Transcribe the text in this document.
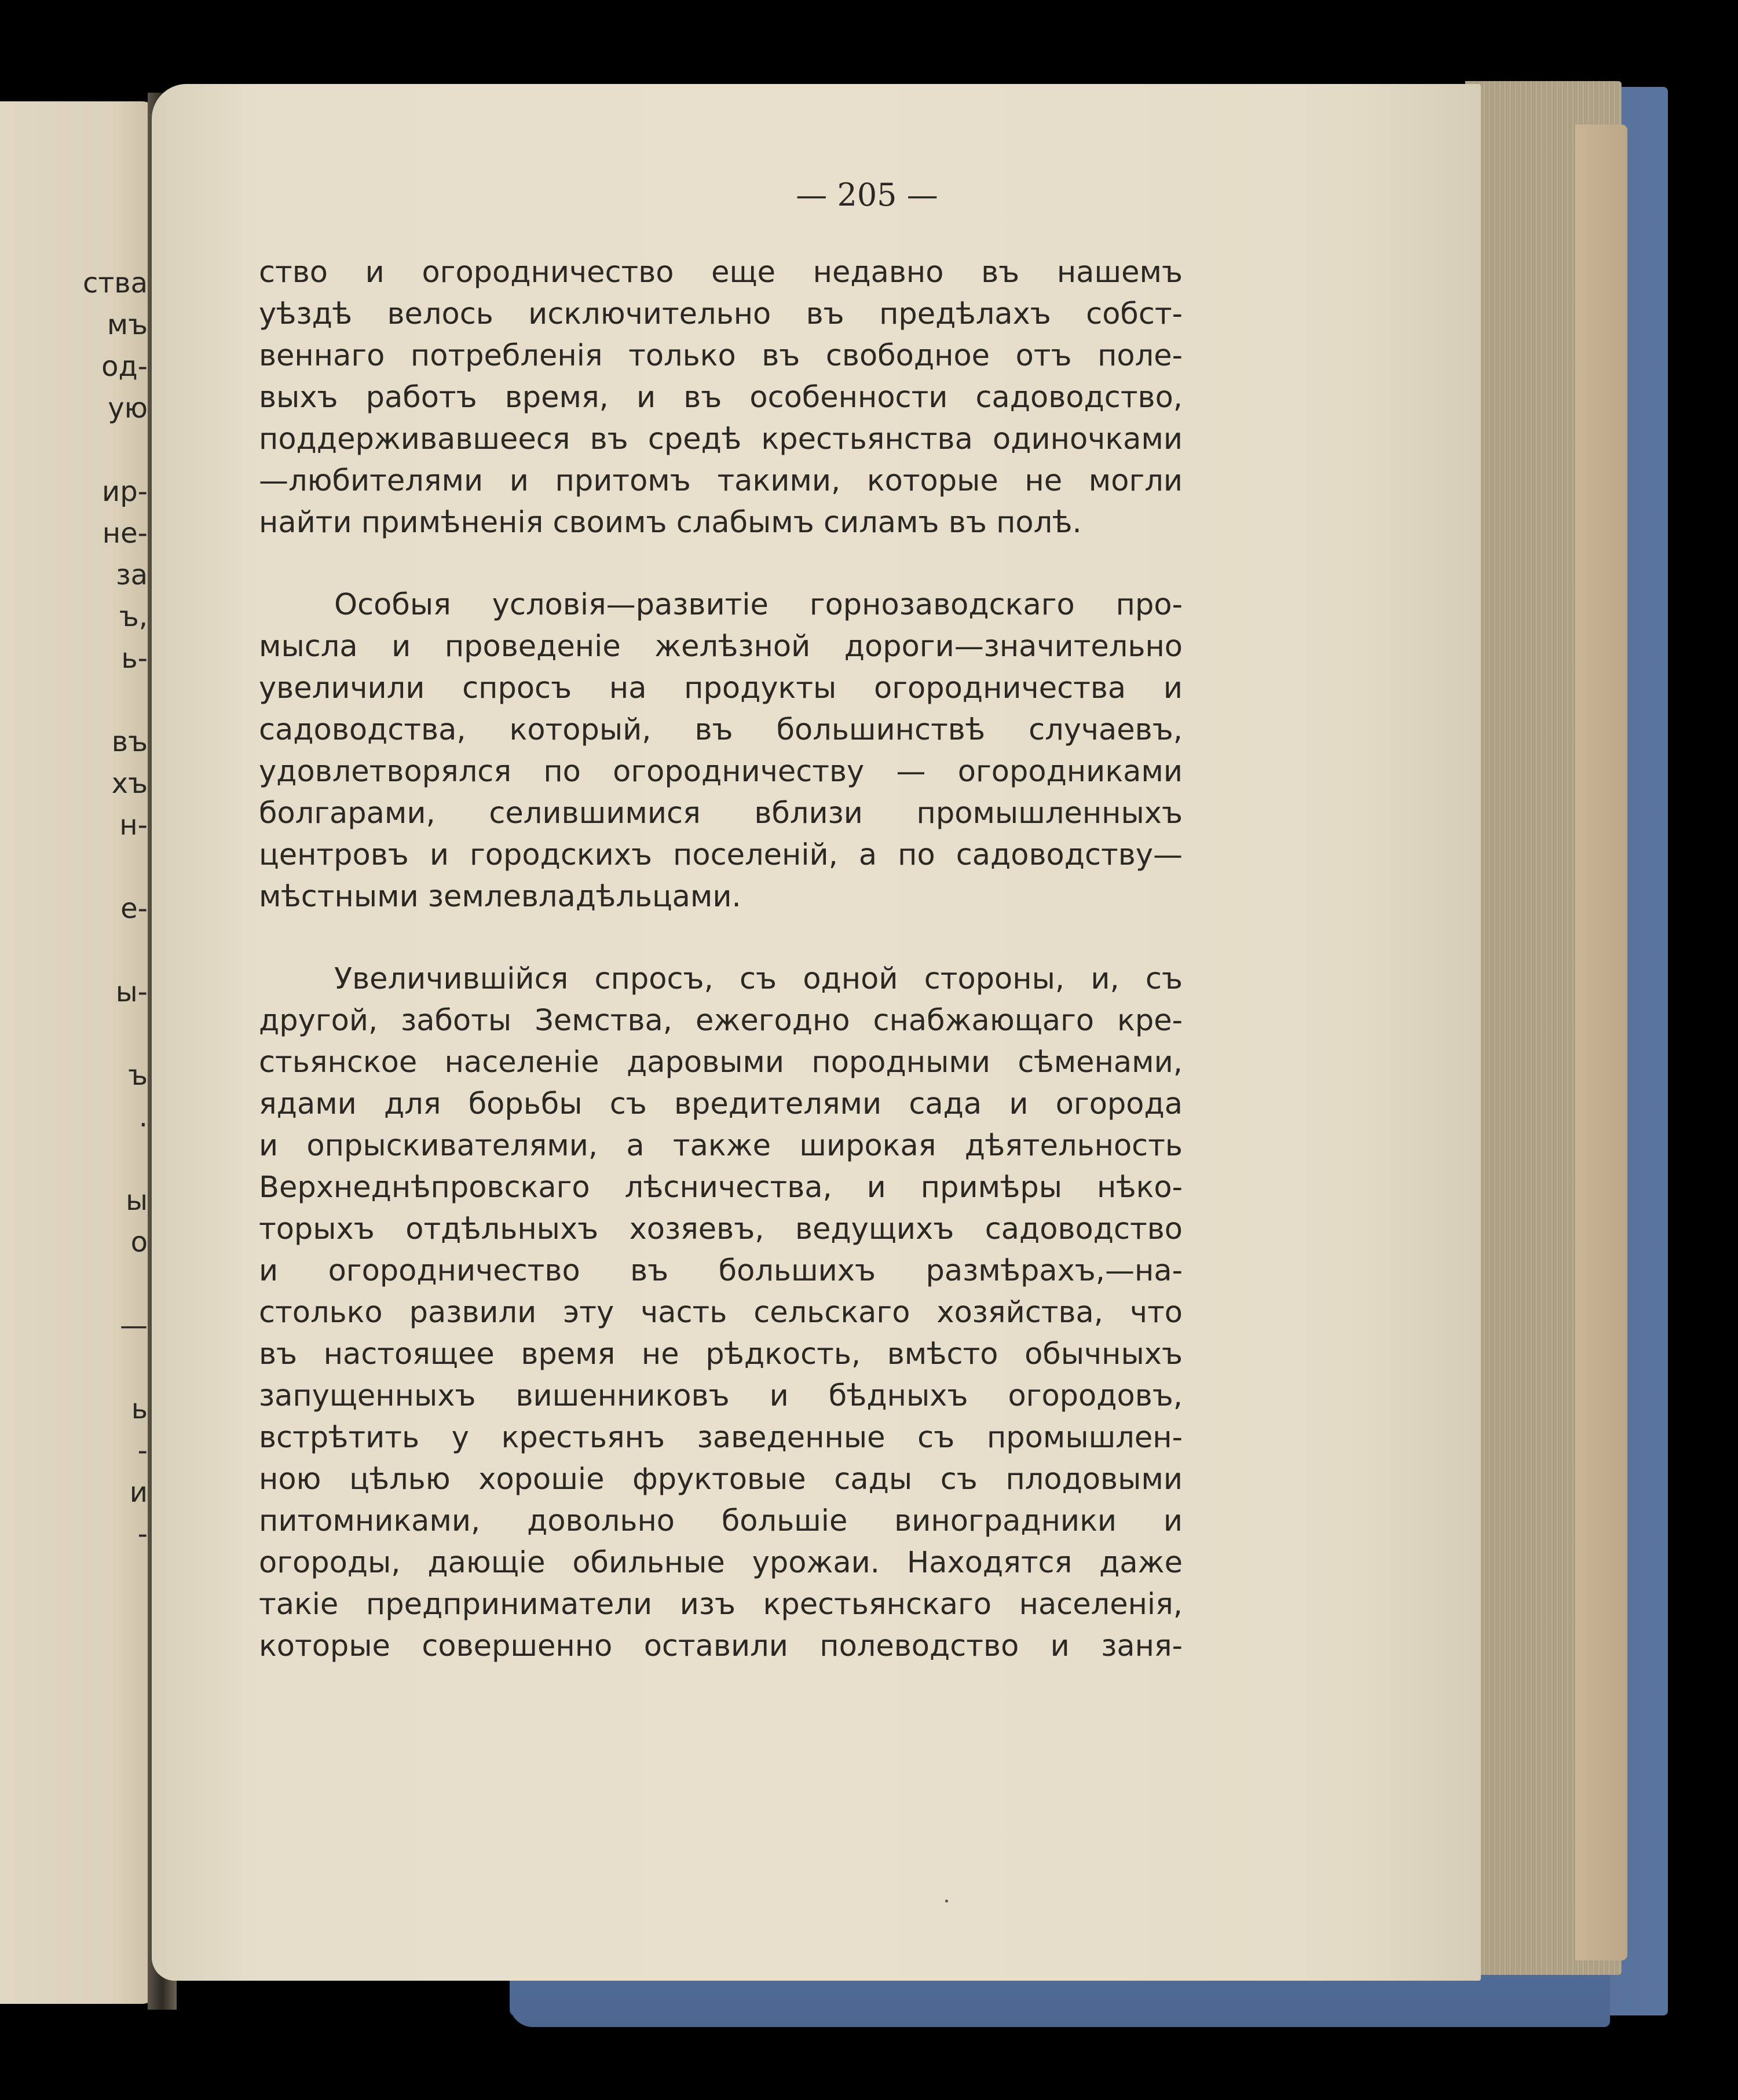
ства
мъ
од-
ую
ир-
не-
за
ъ,
ь-
въ
хъ
н-
е-
ы-
ъ
.
ы
о
—
ь
-
и
-
— 205 —
ство и огородничество еще недавно въ нашемъ
уѣздѣ велось исключительно въ предѣлахъ собст-
веннаго потребленія только въ свободное отъ поле-
выхъ работъ время, и въ особенности садоводство,
поддерживавшееся въ средѣ крестьянства одиночками
—любителями и притомъ такими, которые не могли
найти примѣненія своимъ слабымъ силамъ въ полѣ.
Особыя условія—развитіе горнозаводскаго про-
мысла и проведеніе желѣзной дороги—значительно
увеличили спросъ на продукты огородничества и
садоводства, который, въ большинствѣ случаевъ,
удовлетворялся по огородничеству — огородниками
болгарами, селившимися вблизи промышленныхъ
центровъ и городскихъ поселеній, а по садоводству—
мѣстными землевладѣльцами.
Увеличившійся спросъ, съ одной стороны, и, съ
другой, заботы Земства, ежегодно снабжающаго кре-
стьянское населеніе даровыми породными сѣменами,
ядами для борьбы съ вредителями сада и огорода
и опрыскивателями, а также широкая дѣятельность
Верхнеднѣпровскаго лѣсничества, и примѣры нѣко-
торыхъ отдѣльныхъ хозяевъ, ведущихъ садоводство
и огородничество въ большихъ размѣрахъ,—на-
столько развили эту часть сельскаго хозяйства, что
въ настоящее время не рѣдкость, вмѣсто обычныхъ
запущенныхъ вишенниковъ и бѣдныхъ огородовъ,
встрѣтить у крестьянъ заведенные съ промышлен-
ною цѣлью хорошіе фруктовые сады съ плодовыми
питомниками, довольно большіе виноградники и
огороды, дающіе обильные урожаи. Находятся даже
такіе предприниматели изъ крестьянскаго населенія,
которые совершенно оставили полеводство и заня-
